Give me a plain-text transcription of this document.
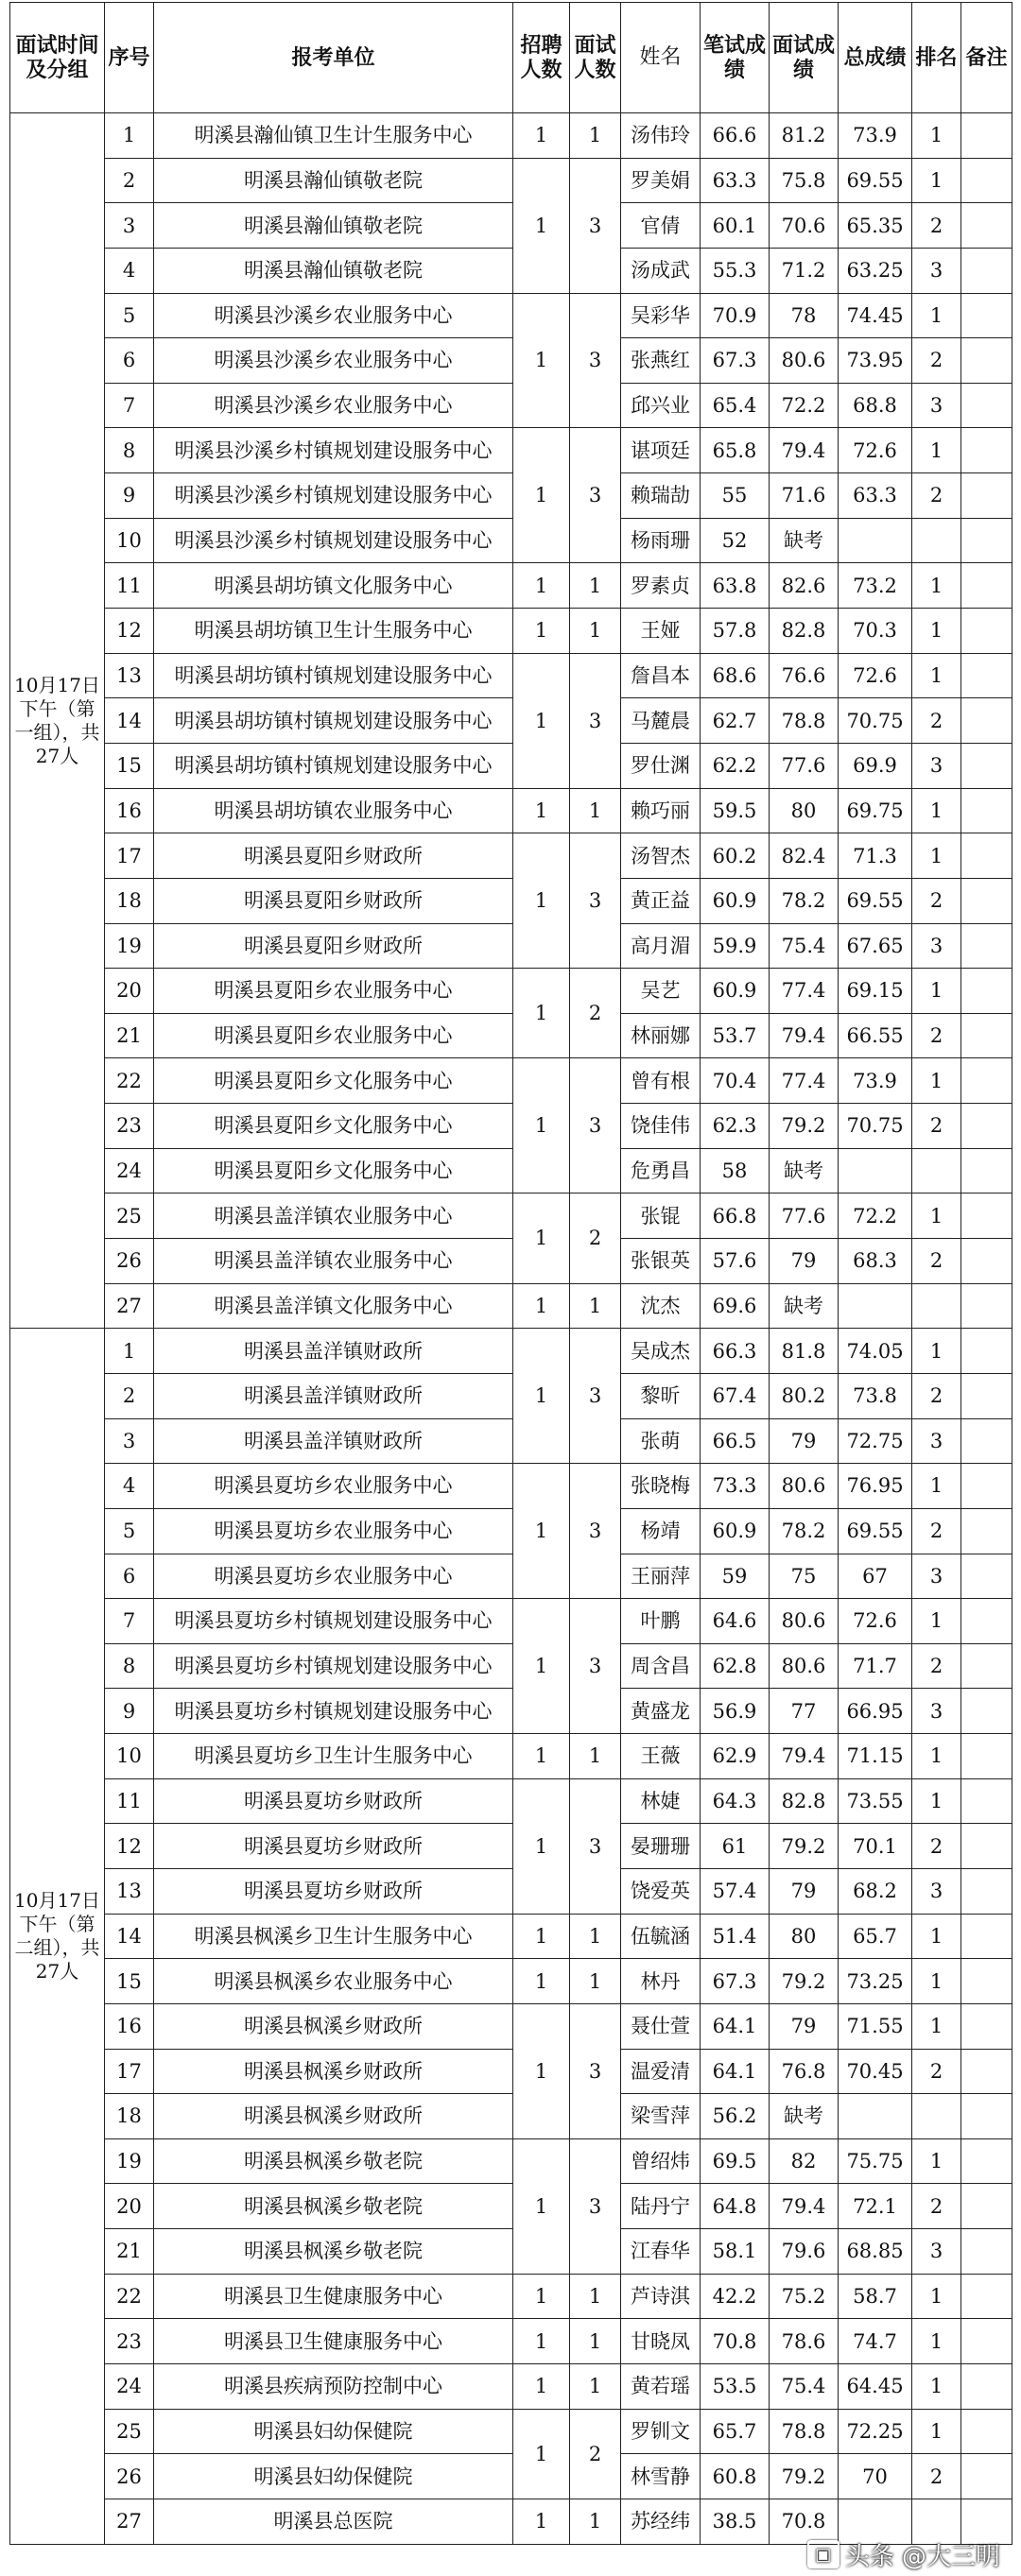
面试时间及分组	序号	报考单位	招聘人数	面试人数	姓名	笔试成绩	面试成绩	总成绩	排名	备注
10月17日下午（第一组），共27人	1	明溪县瀚仙镇卫生计生服务中心	1	1	汤伟玲	66.6	81.2	73.9	1	
	2	明溪县瀚仙镇敬老院	1	3	罗美娟	63.3	75.8	69.55	1	
	3	明溪县瀚仙镇敬老院			官倩	60.1	70.6	65.35	2	
	4	明溪县瀚仙镇敬老院			汤成武	55.3	71.2	63.25	3	
	5	明溪县沙溪乡农业服务中心	1	3	吴彩华	70.9	78	74.45	1	
	6	明溪县沙溪乡农业服务中心			张燕红	67.3	80.6	73.95	2	
	7	明溪县沙溪乡农业服务中心			邱兴业	65.4	72.2	68.8	3	
	8	明溪县沙溪乡村镇规划建设服务中心	1	3	谌项廷	65.8	79.4	72.6	1	
	9	明溪县沙溪乡村镇规划建设服务中心			赖瑞劼	55	71.6	63.3	2	
	10	明溪县沙溪乡村镇规划建设服务中心			杨雨珊	52	缺考			
	11	明溪县胡坊镇文化服务中心	1	1	罗素贞	63.8	82.6	73.2	1	
	12	明溪县胡坊镇卫生计生服务中心	1	1	王娅	57.8	82.8	70.3	1	
	13	明溪县胡坊镇村镇规划建设服务中心	1	3	詹昌本	68.6	76.6	72.6	1	
	14	明溪县胡坊镇村镇规划建设服务中心			马麓晨	62.7	78.8	70.75	2	
	15	明溪县胡坊镇村镇规划建设服务中心			罗仕渊	62.2	77.6	69.9	3	
	16	明溪县胡坊镇农业服务中心	1	1	赖巧丽	59.5	80	69.75	1	
	17	明溪县夏阳乡财政所	1	3	汤智杰	60.2	82.4	71.3	1	
	18	明溪县夏阳乡财政所			黄正益	60.9	78.2	69.55	2	
	19	明溪县夏阳乡财政所			高月湄	59.9	75.4	67.65	3	
	20	明溪县夏阳乡农业服务中心	1	2	吴艺	60.9	77.4	69.15	1	
	21	明溪县夏阳乡农业服务中心			林丽娜	53.7	79.4	66.55	2	
	22	明溪县夏阳乡文化服务中心	1	3	曾有根	70.4	77.4	73.9	1	
	23	明溪县夏阳乡文化服务中心			饶佳伟	62.3	79.2	70.75	2	
	24	明溪县夏阳乡文化服务中心			危勇昌	58	缺考			
	25	明溪县盖洋镇农业服务中心	1	2	张锟	66.8	77.6	72.2	1	
	26	明溪县盖洋镇农业服务中心			张银英	57.6	79	68.3	2	
	27	明溪县盖洋镇文化服务中心	1	1	沈杰	69.6	缺考			
10月17日下午（第二组），共27人	1	明溪县盖洋镇财政所	1	3	吴成杰	66.3	81.8	74.05	1	
	2	明溪县盖洋镇财政所			黎昕	67.4	80.2	73.8	2	
	3	明溪县盖洋镇财政所			张萌	66.5	79	72.75	3	
	4	明溪县夏坊乡农业服务中心	1	3	张晓梅	73.3	80.6	76.95	1	
	5	明溪县夏坊乡农业服务中心			杨靖	60.9	78.2	69.55	2	
	6	明溪县夏坊乡农业服务中心			王丽萍	59	75	67	3	
	7	明溪县夏坊乡村镇规划建设服务中心	1	3	叶鹏	64.6	80.6	72.6	1	
	8	明溪县夏坊乡村镇规划建设服务中心			周含昌	62.8	80.6	71.7	2	
	9	明溪县夏坊乡村镇规划建设服务中心			黄盛龙	56.9	77	66.95	3	
	10	明溪县夏坊乡卫生计生服务中心	1	1	王薇	62.9	79.4	71.15	1	
	11	明溪县夏坊乡财政所	1	3	林婕	64.3	82.8	73.55	1	
	12	明溪县夏坊乡财政所			晏珊珊	61	79.2	70.1	2	
	13	明溪县夏坊乡财政所			饶爱英	57.4	79	68.2	3	
	14	明溪县枫溪乡卫生计生服务中心	1	1	伍毓涵	51.4	80	65.7	1	
	15	明溪县枫溪乡农业服务中心	1	1	林丹	67.3	79.2	73.25	1	
	16	明溪县枫溪乡财政所	1	3	聂仕萱	64.1	79	71.55	1	
	17	明溪县枫溪乡财政所			温爱清	64.1	76.8	70.45	2	
	18	明溪县枫溪乡财政所			梁雪萍	56.2	缺考			
	19	明溪县枫溪乡敬老院	1	3	曾绍炜	69.5	82	75.75	1	
	20	明溪县枫溪乡敬老院			陆丹宁	64.8	79.4	72.1	2	
	21	明溪县枫溪乡敬老院			江春华	58.1	79.6	68.85	3	
	22	明溪县卫生健康服务中心	1	1	芦诗淇	42.2	75.2	58.7	1	
	23	明溪县卫生健康服务中心	1	1	甘晓凤	70.8	78.6	74.7	1	
	24	明溪县疾病预防控制中心	1	1	黄若瑶	53.5	75.4	64.45	1	
	25	明溪县妇幼保健院	1	2	罗钏文	65.7	78.8	72.25	1	
	26	明溪县妇幼保健院			林雪静	60.8	79.2	70	2	
	27	明溪县总医院	1	1	苏经纬	38.5	70.8			
▣ 头条 @大三明
